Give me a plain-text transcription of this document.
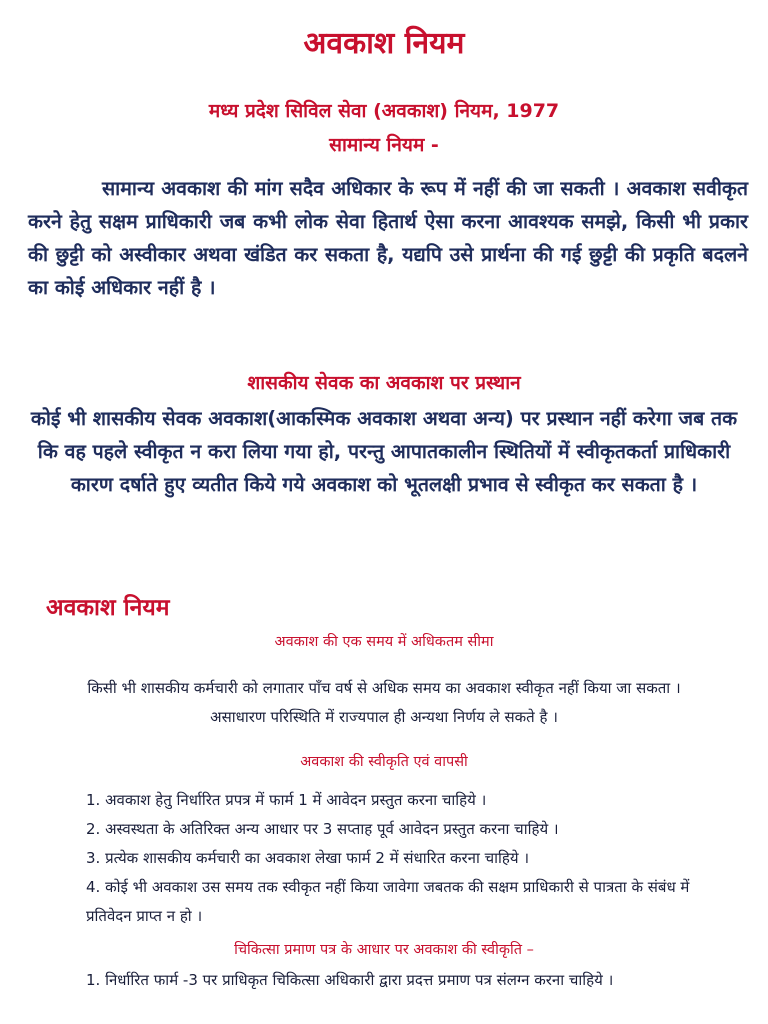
अवकाश नियम
मध्य प्रदेश सिविल सेवा (अवकाश) नियम, 1977
सामान्य नियम -
सामान्य अवकाश की मांग सदैव अधिकार के रूप में नहीं की जा सकती । अवकाश सवीकृत करने हेतु सक्षम प्राधिकारी जब कभी लोक सेवा हितार्थ ऐसा करना आवश्यक समझे, किसी भी प्रकार की छुट्टी को अस्वीकार अथवा खंडित कर सकता है, यद्यपि उसे प्रार्थना की गई छुट्टी की प्रकृति बदलने का कोई अधिकार नहीं है ।
शासकीय सेवक का अवकाश पर प्रस्थान
कोई भी शासकीय सेवक अवकाश(आकस्मिक अवकाश अथवा अन्य) पर प्रस्थान नहीं करेगा जब तक कि वह पहले स्वीकृत न करा लिया गया हो, परन्तु आपातकालीन स्थितियों में स्वीकृतकर्ता प्राधिकारी कारण दर्षाते हुए व्यतीत किये गये अवकाश को भूतलक्षी प्रभाव से स्वीकृत कर सकता है ।
अवकाश नियम
अवकाश की एक समय में अधिकतम सीमा
किसी भी शासकीय कर्मचारी को लगातार पाँच वर्ष से अधिक समय का अवकाश स्वीकृत नहीं किया जा सकता । असाधारण परिस्थिति में राज्यपाल ही अन्यथा निर्णय ले सकते है ।
अवकाश की स्वीकृति एवं वापसी
1. अवकाश हेतु निर्धारित प्रपत्र में फार्म 1 में आवेदन प्रस्तुत करना चाहिये ।
2. अस्वस्थता के अतिरिक्त अन्य आधार पर 3 सप्ताह पूर्व आवेदन प्रस्तुत करना चाहिये ।
3. प्रत्येक शासकीय कर्मचारी का अवकाश लेखा फार्म 2 में संधारित करना चाहिये ।
4. कोई भी अवकाश उस समय तक स्वीकृत नहीं किया जावेगा जबतक की सक्षम प्राधिकारी से पात्रता के संबंध में प्रतिवेदन प्राप्त न हो ।
चिकित्सा प्रमाण पत्र के आधार पर अवकाश की स्वीकृति –
1. निर्धारित फार्म -3 पर प्राधिकृत चिकित्सा अधिकारी द्वारा प्रदत्त प्रमाण पत्र संलग्न करना चाहिये ।
